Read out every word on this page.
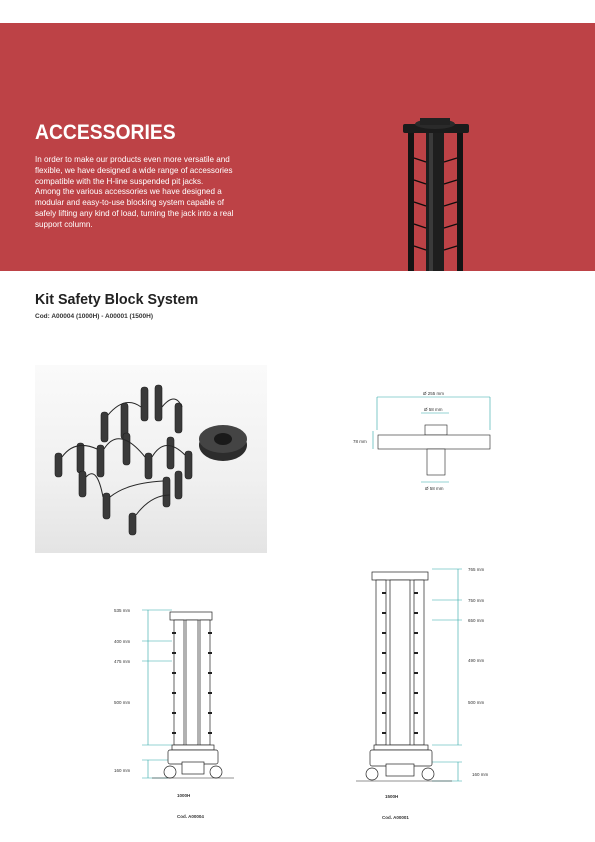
ACCESSORIES

In order to make our products even more versatile and flexible, we have designed a wide range of accessories compatible with the H-line suspended pit jacks.

Among the various accessories we have designed a modular and easy-to-use blocking system capable of safely lifting any kind of load, turning the jack into a real support column.

Kit Safety Block System
Cod: A00004 (1000H) - A00001 (1500H)
Ø 255 mm
Ø 58 mm
78 mm
Ø 58 mm
535 mm
400 mm
475 mm
500 mm
160 mm
1000H
Cod. A00004
765 mm
750 mm
650 mm
490 mm
500 mm
160 mm
1500H
Cod. A00001
